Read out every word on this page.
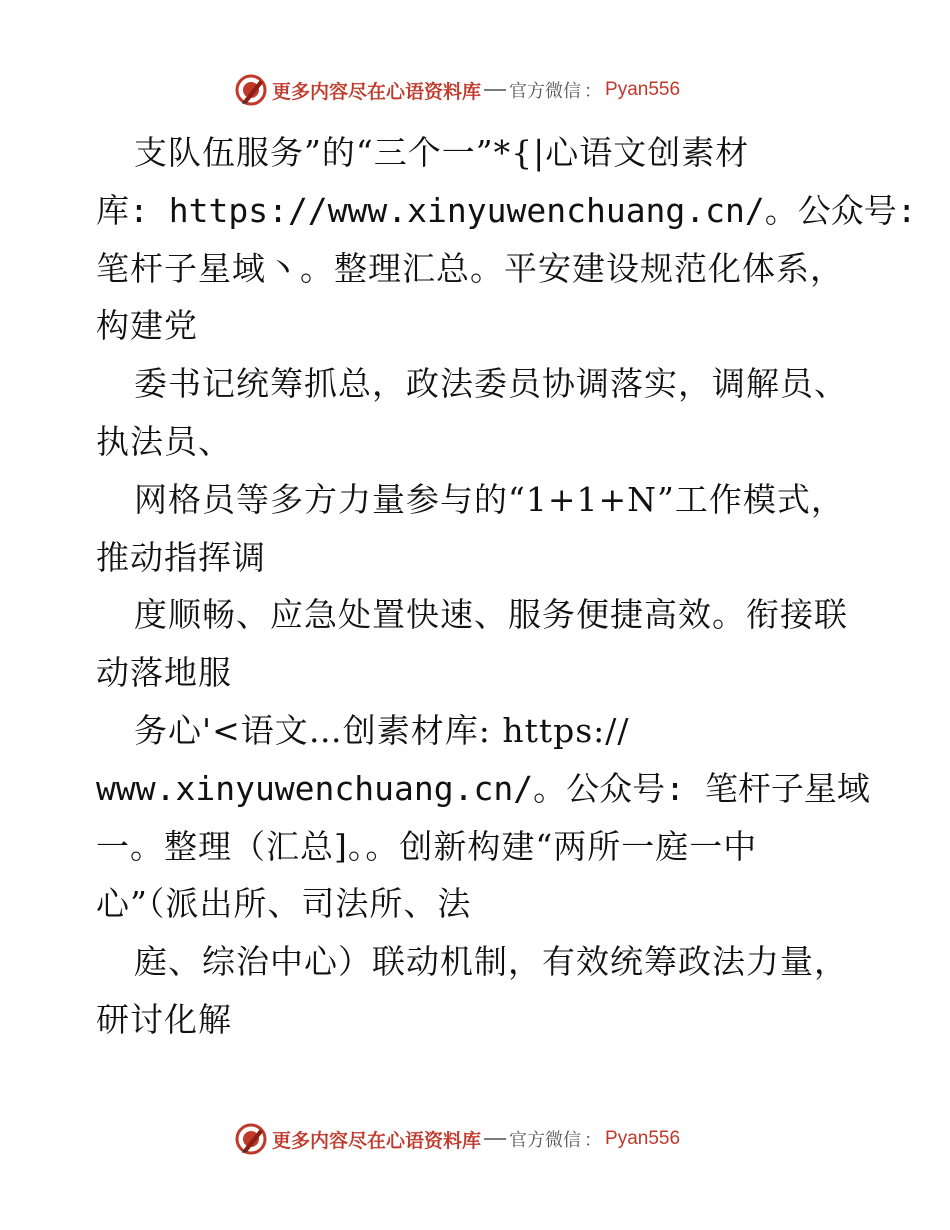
更多内容尽在心语资料库 官方微信 ： Pyan556
支队伍服务”的“三个一”*{|心语文创素材
库: https://www.xinyuwenchuang.cn/。公众号:
笔杆子星域丶。整理汇总。平安建设规范化体系，
构建党
委书记统筹抓总，政法委员协调落实，调解员、
执法员、
网格员等多方力量参与的“1+1+N”工作模式，
推动指挥调
度顺畅、应急处置快速、服务便捷高效。衔接联
动落地服
务心'<语文…创素材库: https://
www.xinyuwenchuang.cn/。公众号: 笔杆子星域
一。整理（汇总]。。创新构建“两所一庭一中
心”（派出所、司法所、法
庭、综治中心）联动机制，有效统筹政法力量，
研讨化解
更多内容尽在心语资料库 官方微信 ： Pyan556
